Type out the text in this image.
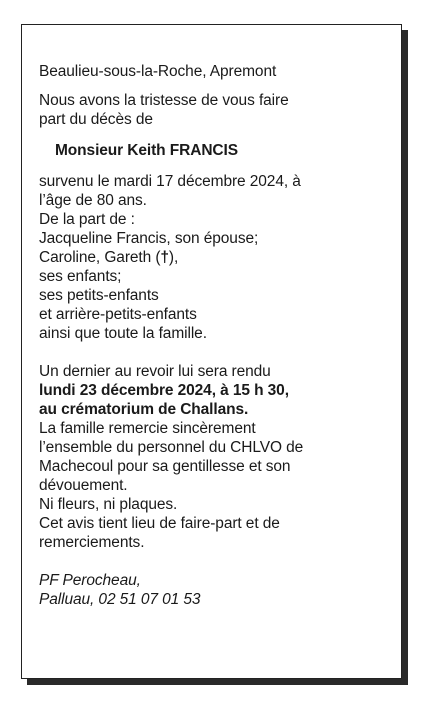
Beaulieu-sous-la-Roche, Apremont
Nous avons la tristesse de vous faire
part du décès de
Monsieur Keith FRANCIS
survenu le mardi 17 décembre 2024, à
l’âge de 80 ans.
De la part de :
Jacqueline Francis, son épouse;
Caroline, Gareth (†),
ses enfants;
ses petits-enfants
et arrière-petits-enfants
ainsi que toute la famille.
Un dernier au revoir lui sera rendu
lundi 23 décembre 2024, à 15 h 30,
au crématorium de Challans.
La famille remercie sincèrement
l’ensemble du personnel du CHLVO de
Machecoul pour sa gentillesse et son
dévouement.
Ni fleurs, ni plaques.
Cet avis tient lieu de faire-part et de
remerciements.
PF Perocheau,
Palluau, 02 51 07 01 53
